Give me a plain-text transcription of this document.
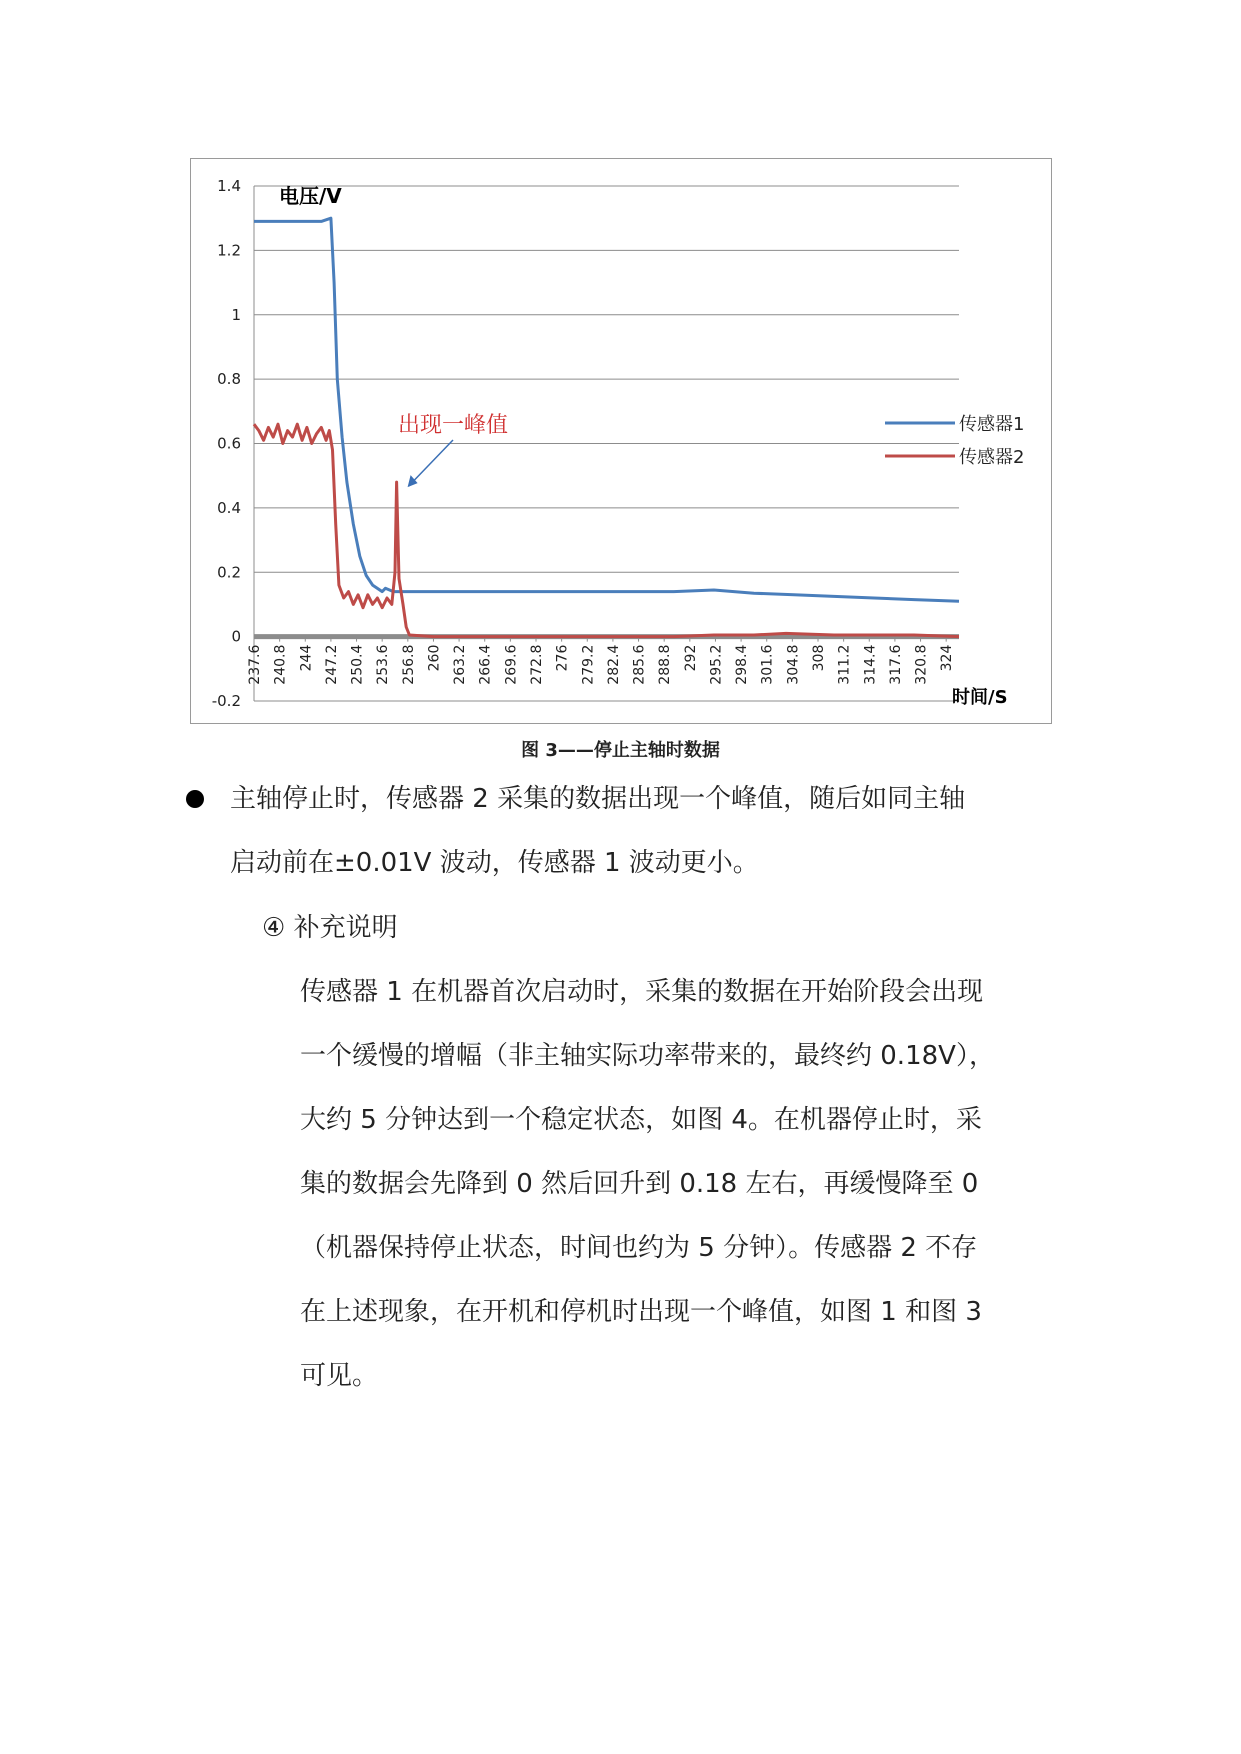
1.4
1.2
1
0.8
0.6
0.4
0.2
0
-0.2
237.6 240.8 244 247.2 250.4 253.6 256.8 260 263.2 266.4 269.6 272.8 276 279.2 282.4 285.6 288.8 292 295.2 298.4 301.6 304.8 308 311.2 314.4 317.6 320.8 324
电压/V
时间/S
出现一峰值	传感器1
传感器2
图 3——停止主轴时数据
主轴停止时，传感器 2 采集的数据出现一个峰值，随后如同主轴
启动前在±0.01V 波动，传感器 1 波动更小。
④ 补充说明
传感器 1 在机器首次启动时，采集的数据在开始阶段会出现
一个缓慢的增幅（非主轴实际功率带来的，最终约 0.18V），
大约 5 分钟达到一个稳定状态，如图 4。在机器停止时，采
集的数据会先降到 0 然后回升到 0.18 左右，再缓慢降至 0
（机器保持停止状态，时间也约为 5 分钟）。传感器 2 不存
在上述现象，在开机和停机时出现一个峰值，如图 1 和图 3
可见。
